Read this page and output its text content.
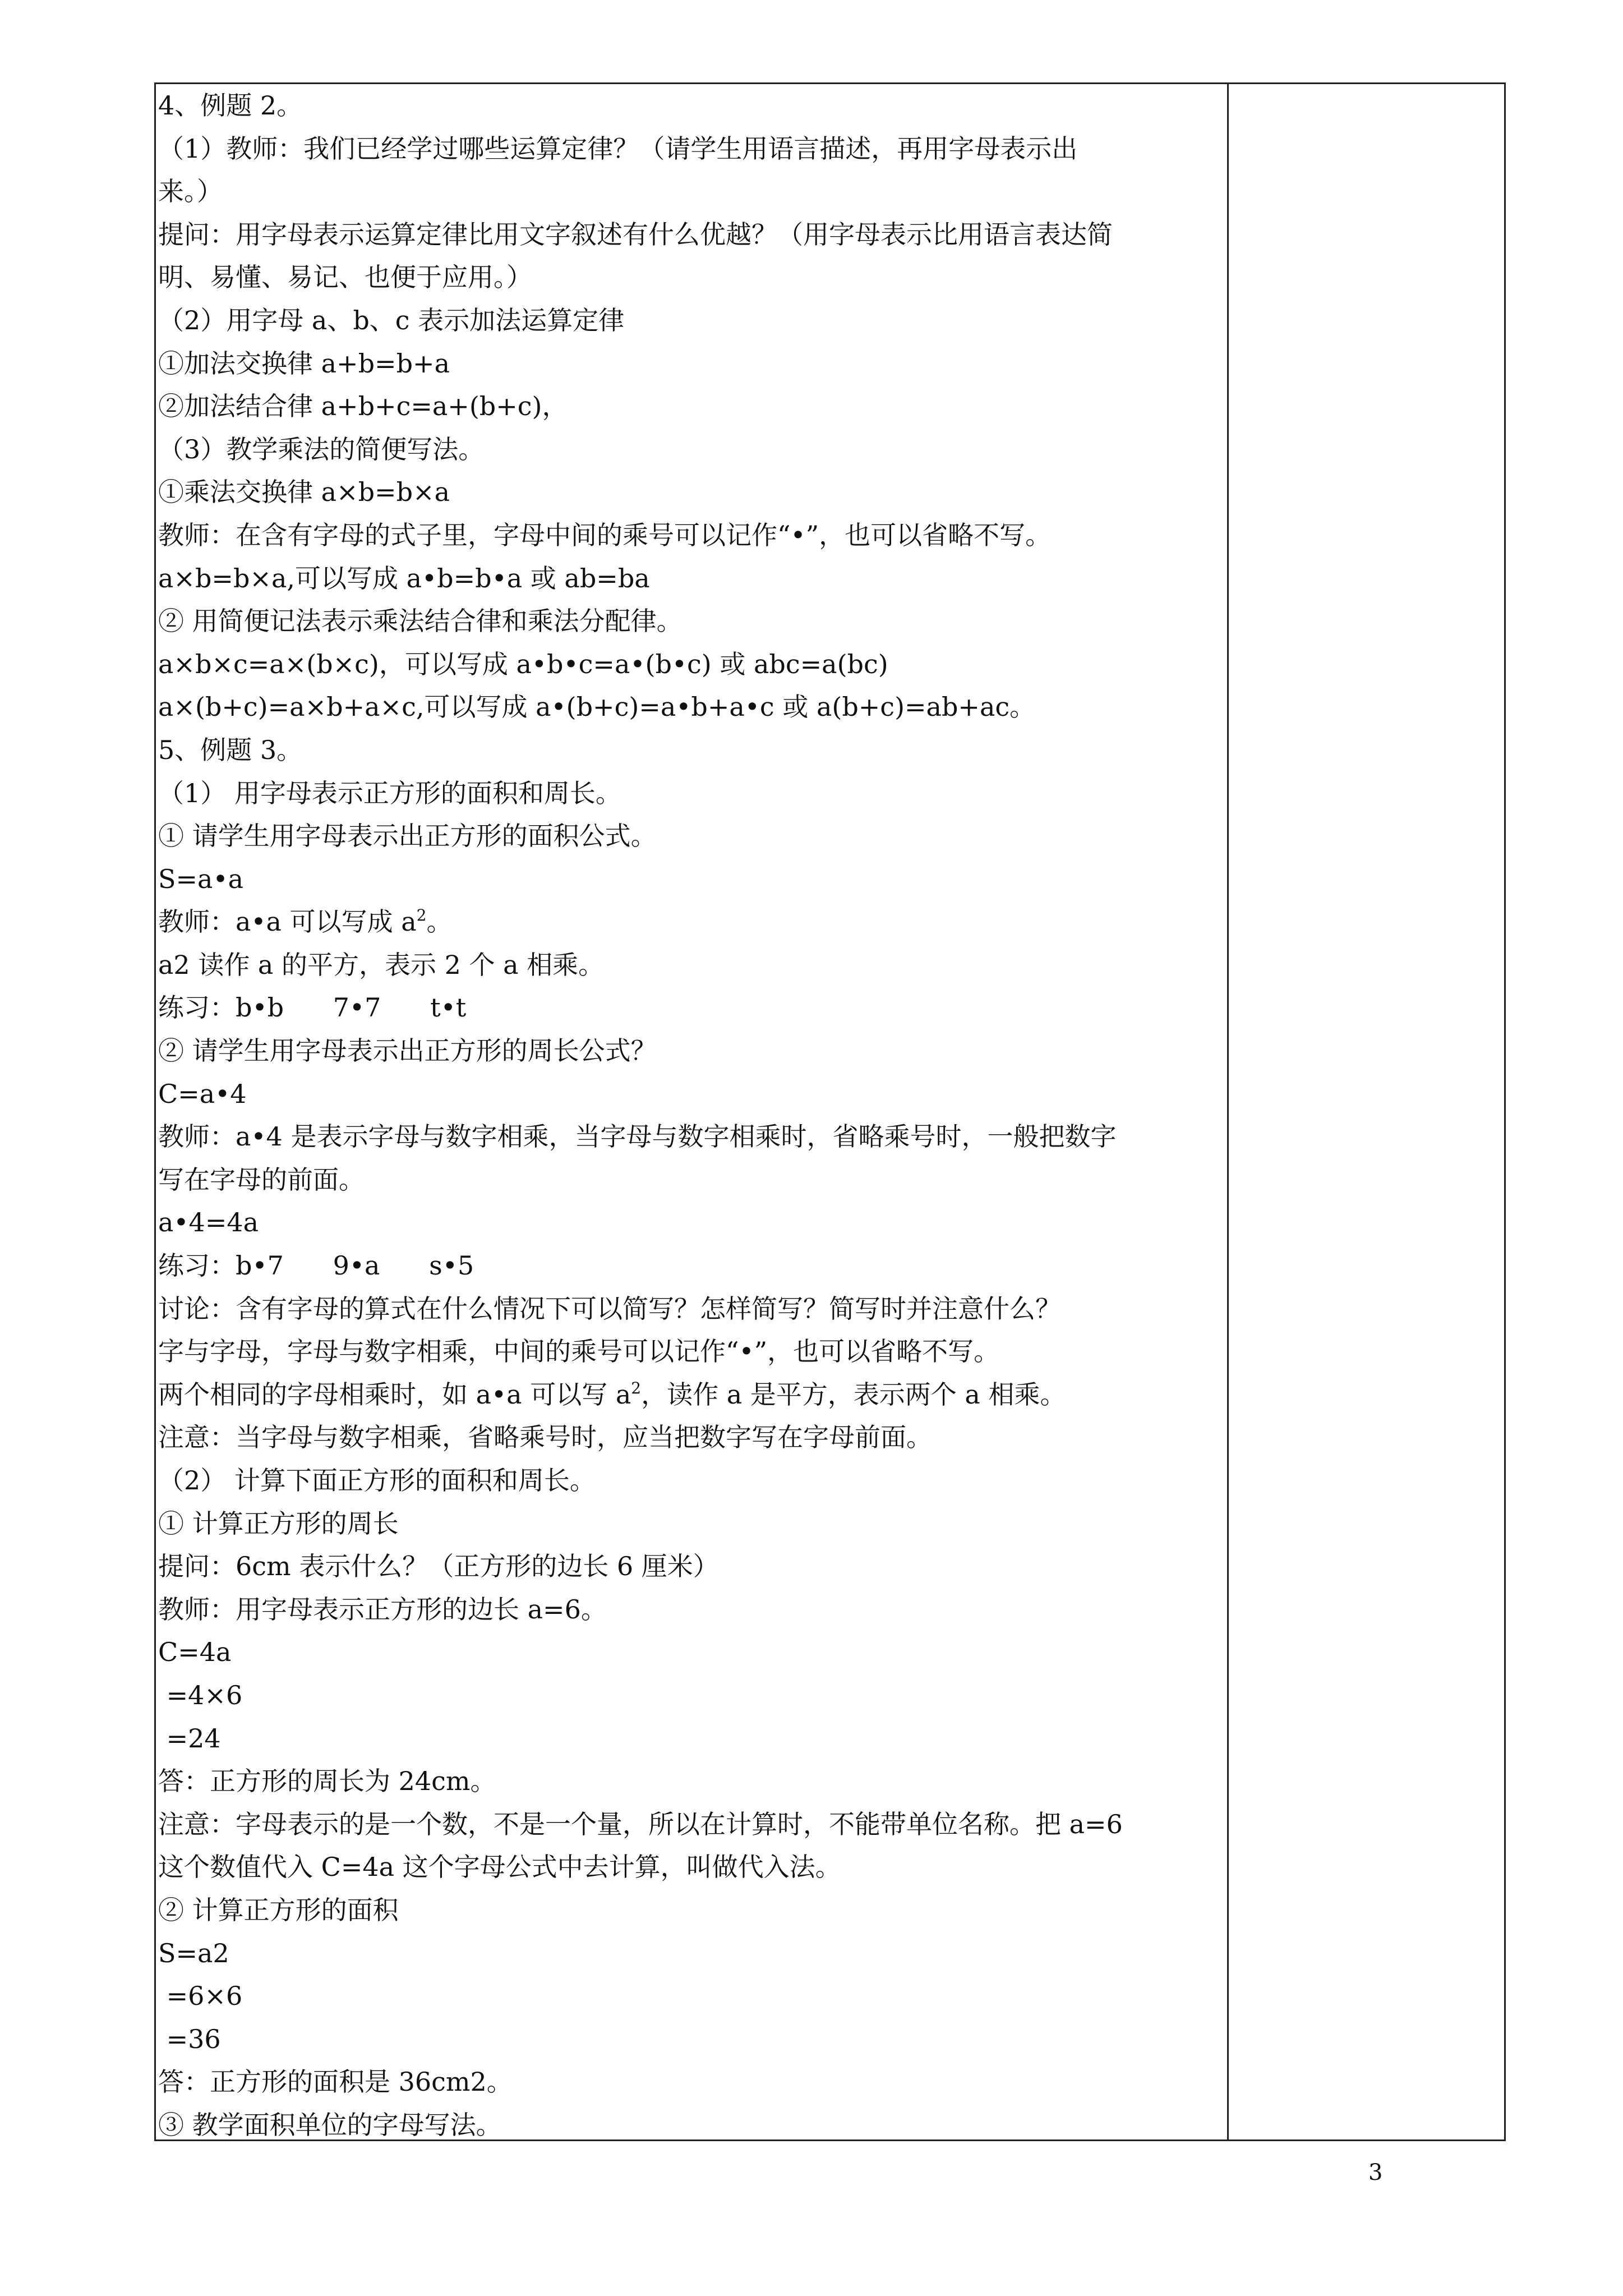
4、例题 2。
（1）教师：我们已经学过哪些运算定律？（请学生用语言描述，再用字母表示出
来。）
提问：用字母表示运算定律比用文字叙述有什么优越？（用字母表示比用语言表达简
明、易懂、易记、也便于应用。）
（2）用字母 a、b、c 表示加法运算定律
①加法交换律 a+b=b+a
②加法结合律 a+b+c=a+(b+c)，
（3）教学乘法的简便写法。
①乘法交换律 a×b=b×a
教师：在含有字母的式子里，字母中间的乘号可以记作“•”，也可以省略不写。
a×b=b×a,可以写成 a•b=b•a 或 ab=ba
② 用简便记法表示乘法结合律和乘法分配律。
a×b×c=a×(b×c)，可以写成 a•b•c=a•(b•c) 或 abc=a(bc)
a×(b+c)=a×b+a×c,可以写成 a•(b+c)=a•b+a•c 或 a(b+c)=ab+ac。
5、例题 3。
（1） 用字母表示正方形的面积和周长。
① 请学生用字母表示出正方形的面积公式。
S=a•a
教师：a•a 可以写成 $a^2$。
a2 读作 a 的平方，表示 2 个 a 相乘。
练习：b•b      7•7      t•t
② 请学生用字母表示出正方形的周长公式？
C=a•4
教师：a•4 是表示字母与数字相乘，当字母与数字相乘时，省略乘号时，一般把数字
写在字母的前面。
a•4=4a
练习：b•7      9•a      s•5
讨论：含有字母的算式在什么情况下可以简写？怎样简写？简写时并注意什么？
字与字母，字母与数字相乘，中间的乘号可以记作“•”，也可以省略不写。
两个相同的字母相乘时，如 a•a 可以写 $a^2$，读作 a 是平方，表示两个 a 相乘。
注意：当字母与数字相乘，省略乘号时，应当把数字写在字母前面。
（2） 计算下面正方形的面积和周长。
① 计算正方形的周长
提问：6cm 表示什么？（正方形的边长 6 厘米）
教师：用字母表示正方形的边长 a=6。
C=4a
=4×6
=24
答：正方形的周长为 24cm。
注意：字母表示的是一个数，不是一个量，所以在计算时，不能带单位名称。把 a=6
这个数值代入 C=4a 这个字母公式中去计算，叫做代入法。
② 计算正方形的面积
S=a2
=6×6
=36
答：正方形的面积是 36cm2。
③ 教学面积单位的字母写法。
3
